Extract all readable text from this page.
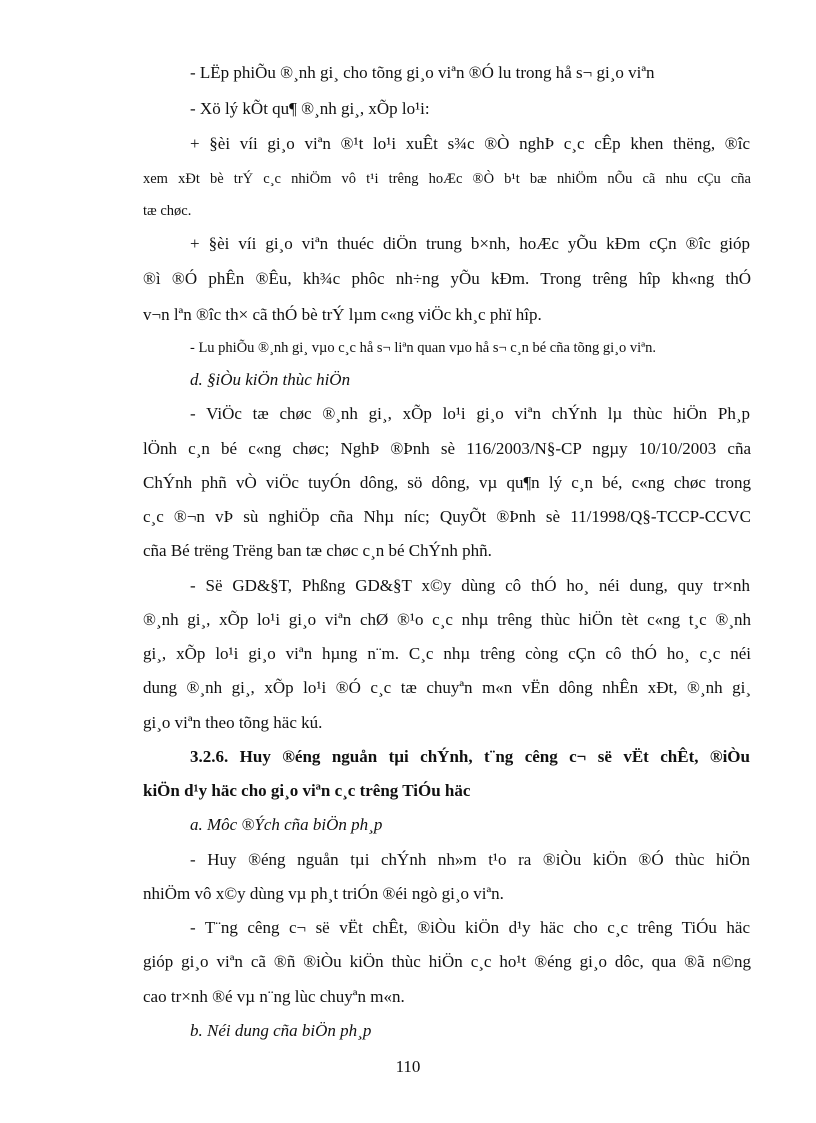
- LËp phiÕu ®¸nh gi¸ cho tõng gi¸o viªn ®Ó lu trong hå s¬ gi¸o viªn
- Xö lý kÕt qu¶ ®¸nh gi¸, xÕp lo¹i:
+ §èi víi gi¸o viªn ®¹t lo¹i xuÊt s¾c ®Ò nghÞ c¸c cÊp khen thëng, ®îc
xem xÐt bè trÝ c¸c nhiÖm vô t¹i trêng hoÆc ®Ò b¹t bæ nhiÖm nÕu cã nhu cÇu cña
tæ chøc.
+ §èi víi gi¸o viªn thuéc diÖn trung b×nh, hoÆc yÕu kÐm cÇn ®îc gióp
®ì ®Ó phÊn ®Êu, kh¾c phôc nh÷ng yÕu kÐm. Trong trêng hîp kh«ng thÓ
v¬n lªn ®îc th× cã thÓ bè trÝ lµm c«ng viÖc kh¸c phï hîp.
- Lu phiÕu ®¸nh gi¸ vµo c¸c hå s¬ liªn quan vµo hå s¬ c¸n bé cña tõng gi¸o viªn.
d. §iÒu kiÖn thùc hiÖn
- ViÖc tæ chøc ®¸nh gi¸, xÕp lo¹i gi¸o viªn chÝnh lµ thùc hiÖn Ph¸p
lÖnh c¸n bé c«ng chøc; NghÞ ®Þnh sè 116/2003/N§-CP ngµy 10/10/2003 cña
ChÝnh phñ vÒ viÖc tuyÓn dông, sö dông, vµ qu¶n lý c¸n bé, c«ng chøc trong
c¸c ®¬n vÞ sù nghiÖp cña Nhµ níc; QuyÕt ®Þnh sè 11/1998/Q§-TCCP-CCVC
cña Bé trëng Trëng ban tæ chøc c¸n bé ChÝnh phñ.
- Së GD&§T, Phßng GD&§T x©y dùng cô thÓ ho¸ néi dung, quy tr×nh
®¸nh gi¸, xÕp lo¹i gi¸o viªn chØ ®¹o c¸c nhµ trêng thùc hiÖn tèt c«ng t¸c ®¸nh
gi¸, xÕp lo¹i gi¸o viªn hµng n¨m. C¸c nhµ trêng còng cÇn cô thÓ ho¸ c¸c néi
dung ®¸nh gi¸, xÕp lo¹i ®Ó c¸c tæ chuyªn m«n vËn dông nhÊn xÐt, ®¸nh gi¸
gi¸o viªn theo tõng häc kú.
3.2.6. Huy ®éng nguån tµi chÝnh, t¨ng cêng c¬ së vËt chÊt, ®iÒu
kiÖn d¹y häc cho gi¸o viªn c¸c trêng TiÓu häc
a. Môc ®Ých cña biÖn ph¸p
- Huy ®éng nguån tµi chÝnh nh»m t¹o ra ®iÒu kiÖn ®Ó thùc hiÖn
nhiÖm vô x©y dùng vµ ph¸t triÓn ®éi ngò gi¸o viªn.
- T¨ng cêng c¬ së vËt chÊt, ®iÒu kiÖn d¹y häc cho c¸c trêng TiÓu häc
gióp gi¸o viªn cã ®ñ ®iÒu kiÖn thùc hiÖn c¸c ho¹t ®éng gi¸o dôc, qua ®ã n©ng
cao tr×nh ®é vµ n¨ng lùc chuyªn m«n.
b. Néi dung cña biÖn ph¸p
110
